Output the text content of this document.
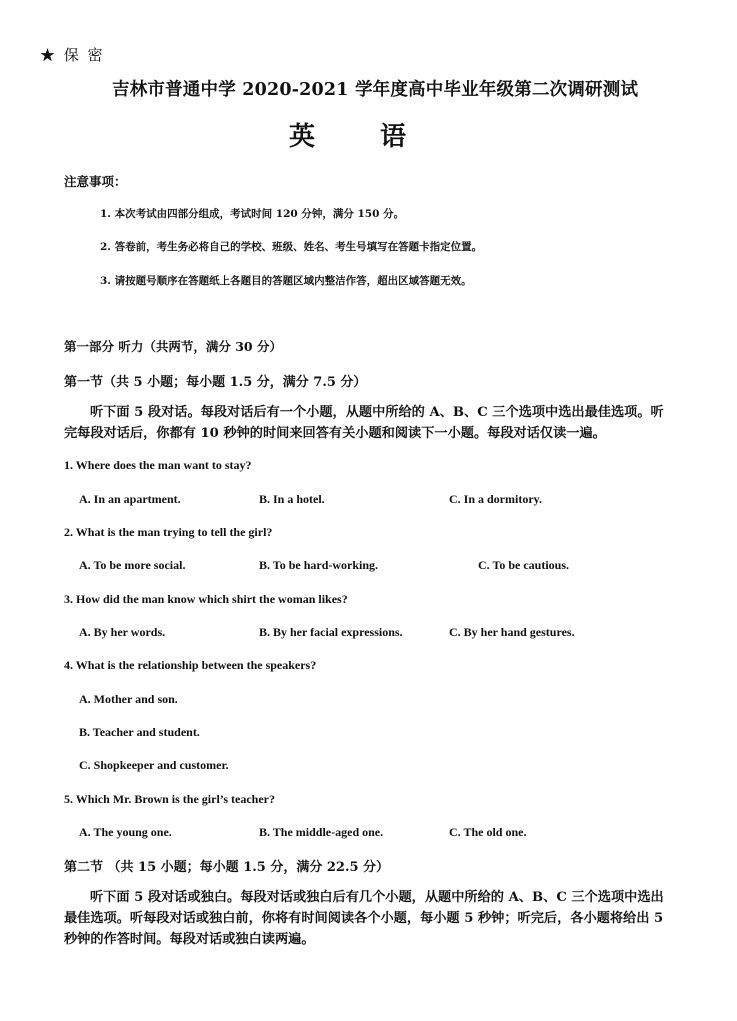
★ 保 密
吉林市普通中学 2020-2021 学年度高中毕业年级第二次调研测试
英 语
注意事项：
1. 本次考试由四部分组成，考试时间 120 分钟，满分 150 分。
2. 答卷前，考生务必将自己的学校、班级、姓名、考生号填写在答题卡指定位置。
3. 请按题号顺序在答题纸上各题目的答题区域内整洁作答，超出区域答题无效。
第一部分 听力（共两节，满分 30 分）
第一节（共 5 小题；每小题 1.5 分，满分 7.5 分）
听下面 5 段对话。每段对话后有一个小题，从题中所给的 A、B、C 三个选项中选出最佳选项。听完每段对话后，你都有 10 秒钟的时间来回答有关小题和阅读下一小题。每段对话仅读一遍。
1. Where does the man want to stay?
A. In an apartment.	B. In a hotel.	C. In a dormitory.
2. What is the man trying to tell the girl?
A. To be more social.	B. To be hard-working.	C. To be cautious.
3. How did the man know which shirt the woman likes?
A. By her words.	B. By her facial expressions.	C. By her hand gestures.
4. What is the relationship between the speakers?
A. Mother and son.
B. Teacher and student.
C. Shopkeeper and customer.
5. Which Mr. Brown is the girl’s teacher?
A. The young one.	B. The middle-aged one.	C. The old one.
第二节 （共 15 小题；每小题 1.5 分，满分 22.5 分）
听下面 5 段对话或独白。每段对话或独白后有几个小题，从题中所给的 A、B、C 三个选项中选出最佳选项。听每段对话或独白前，你将有时间阅读各个小题，每小题 5 秒钟；听完后，各小题将给出 5 秒钟的作答时间。每段对话或独白读两遍。
